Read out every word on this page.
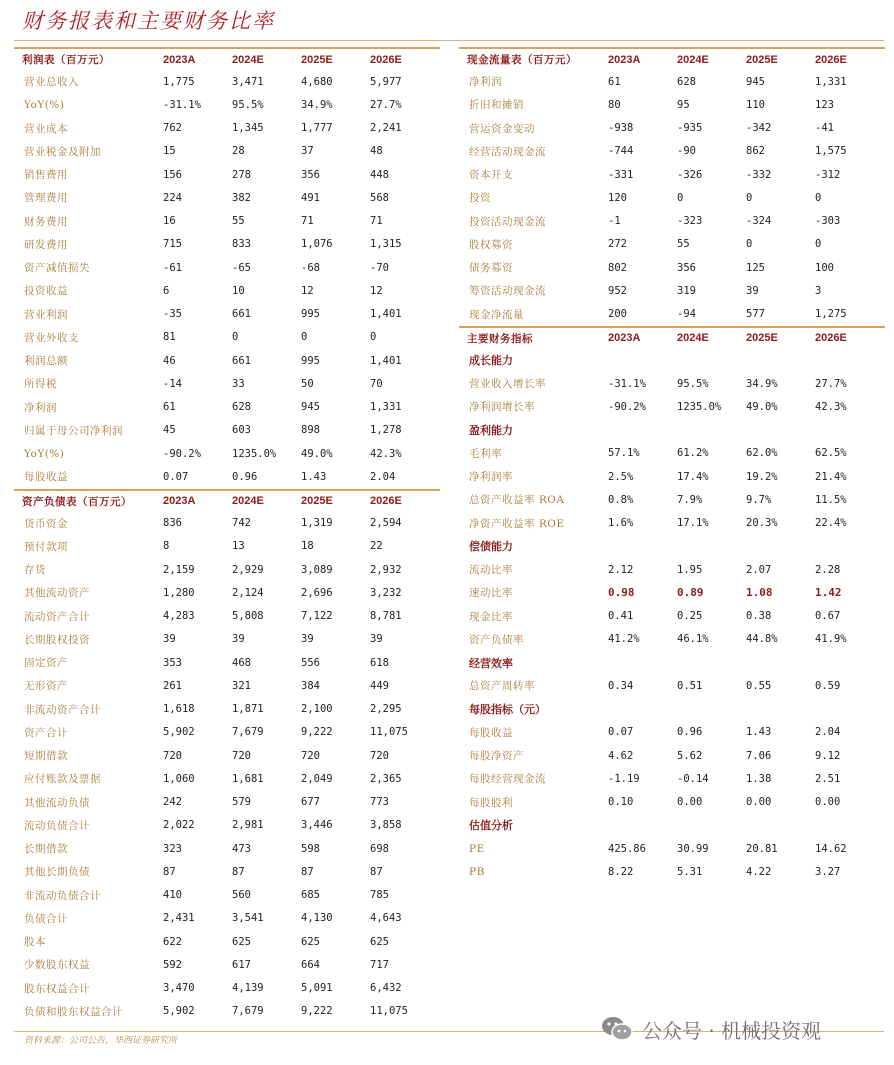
财务报表和主要财务比率
利润表（百万元）	2023A	2024E	2025E	2026E
营业总收入	1,775	3,471	4,680	5,977
YoY(%)	-31.1%	95.5%	34.9%	27.7%
营业成本	762	1,345	1,777	2,241
营业税金及附加	15	28	37	48
销售费用	156	278	356	448
管理费用	224	382	491	568
财务费用	16	55	71	71
研发费用	715	833	1,076	1,315
资产减值损失	-61	-65	-68	-70
投资收益	6	10	12	12
营业利润	-35	661	995	1,401
营业外收支	81	0	0	0
利润总额	46	661	995	1,401
所得税	-14	33	50	70
净利润	61	628	945	1,331
归属于母公司净利润	45	603	898	1,278
YoY(%)	-90.2%	1235.0%	49.0%	42.3%
每股收益	0.07	0.96	1.43	2.04
资产负债表（百万元）	2023A	2024E	2025E	2026E
货币资金	836	742	1,319	2,594
预付款项	8	13	18	22
存货	2,159	2,929	3,089	2,932
其他流动资产	1,280	2,124	2,696	3,232
流动资产合计	4,283	5,808	7,122	8,781
长期股权投资	39	39	39	39
固定资产	353	468	556	618
无形资产	261	321	384	449
非流动资产合计	1,618	1,871	2,100	2,295
资产合计	5,902	7,679	9,222	11,075
短期借款	720	720	720	720
应付账款及票据	1,060	1,681	2,049	2,365
其他流动负债	242	579	677	773
流动负债合计	2,022	2,981	3,446	3,858
长期借款	323	473	598	698
其他长期负债	87	87	87	87
非流动负债合计	410	560	685	785
负债合计	2,431	3,541	4,130	4,643
股本	622	625	625	625
少数股东权益	592	617	664	717
股东权益合计	3,470	4,139	5,091	6,432
负债和股东权益合计	5,902	7,679	9,222	11,075
现金流量表（百万元）	2023A	2024E	2025E	2026E
净利润	61	628	945	1,331
折旧和摊销	80	95	110	123
营运资金变动	-938	-935	-342	-41
经营活动现金流	-744	-90	862	1,575
资本开支	-331	-326	-332	-312
投资	120	0	0	0
投资活动现金流	-1	-323	-324	-303
股权募资	272	55	0	0
债务募资	802	356	125	100
筹资活动现金流	952	319	39	3
现金净流量	200	-94	577	1,275
主要财务指标	2023A	2024E	2025E	2026E
成长能力
营业收入增长率	-31.1%	95.5%	34.9%	27.7%
净利润增长率	-90.2%	1235.0%	49.0%	42.3%
盈利能力
毛利率	57.1%	61.2%	62.0%	62.5%
净利润率	2.5%	17.4%	19.2%	21.4%
总资产收益率 ROA	0.8%	7.9%	9.7%	11.5%
净资产收益率 ROE	1.6%	17.1%	20.3%	22.4%
偿债能力
流动比率	2.12	1.95	2.07	2.28
速动比率	0.98	0.89	1.08	1.42
现金比率	0.41	0.25	0.38	0.67
资产负债率	41.2%	46.1%	44.8%	41.9%
经营效率
总资产周转率	0.34	0.51	0.55	0.59
每股指标（元）
每股收益	0.07	0.96	1.43	2.04
每股净资产	4.62	5.62	7.06	9.12
每股经营现金流	-1.19	-0.14	1.38	2.51
每股股利	0.10	0.00	0.00	0.00
估值分析
PE	425.86	30.99	20.81	14.62
PB	8.22	5.31	4.22	3.27
资料来源：公司公告，华西证券研究所	公众号 · 机械投资观
